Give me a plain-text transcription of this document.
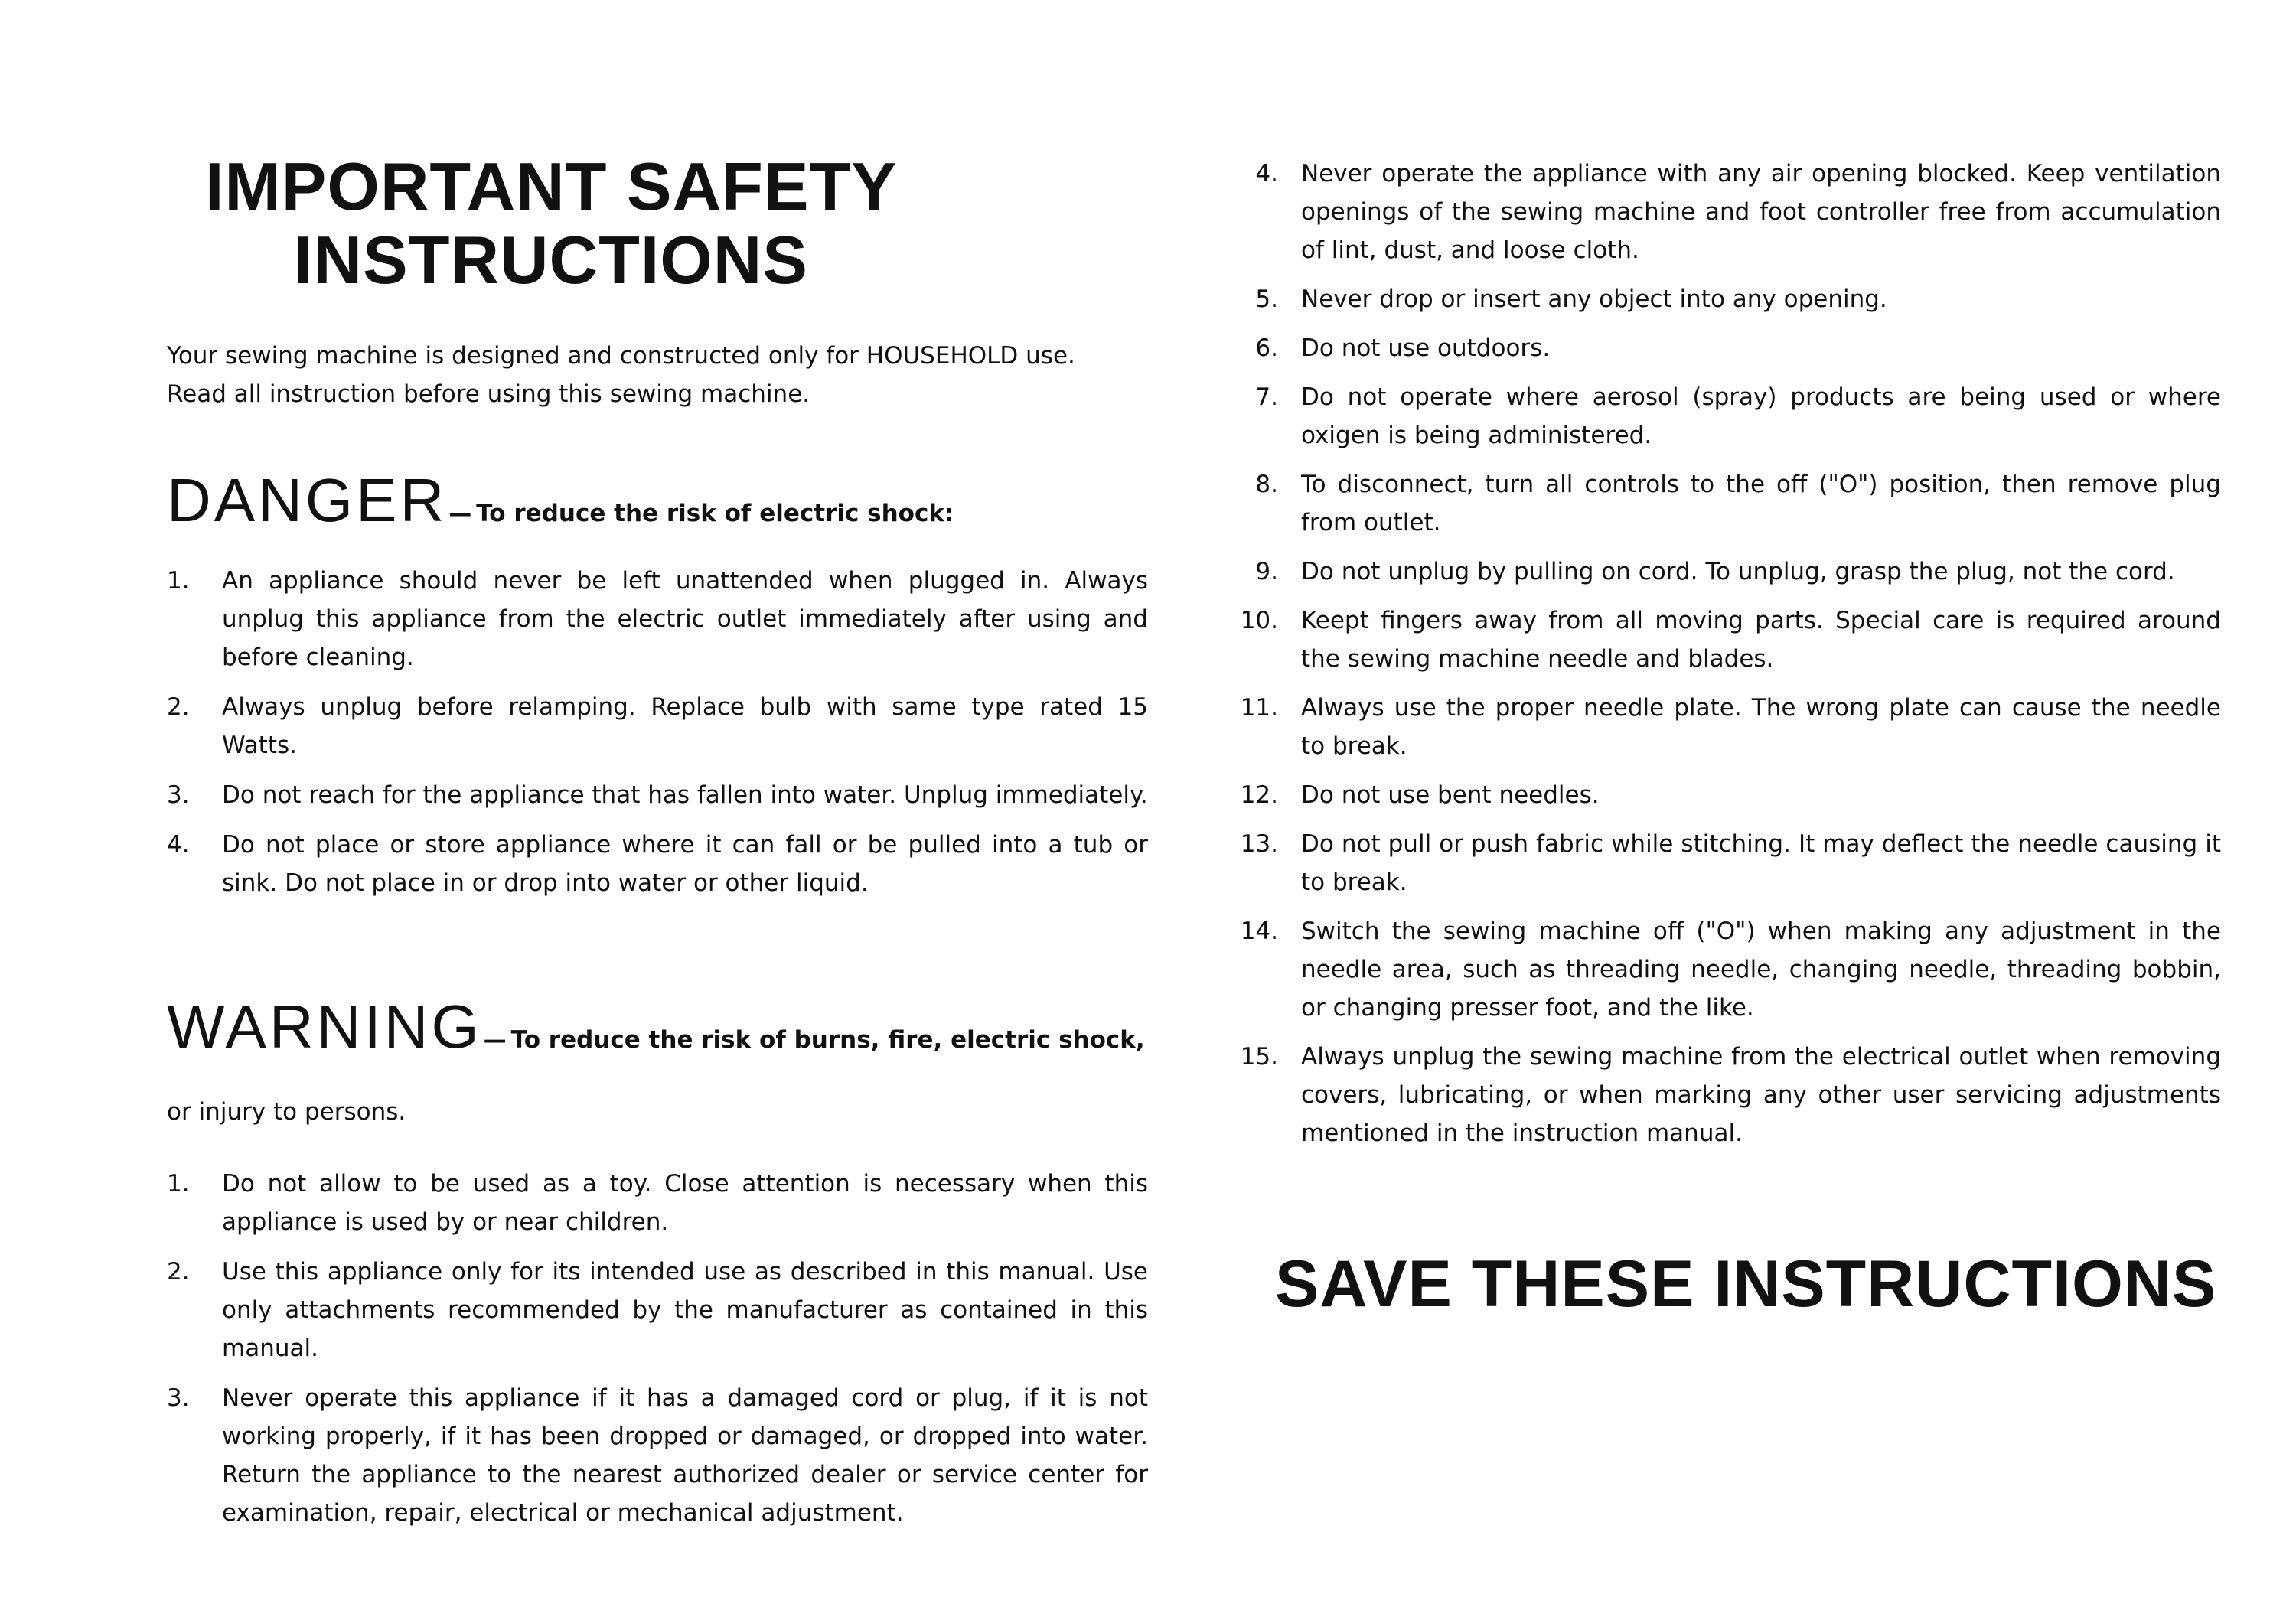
IMPORTANT SAFETY
INSTRUCTIONS

Your sewing machine is designed and constructed only for HOUSEHOLD use.
Read all instruction before using this sewing machine.

DANGER— To reduce the risk of electric shock:
1.	An appliance should never be left unattended when plugged in. Always unplug this appliance from the electric outlet immediately after using and before cleaning.
2.	Always unplug before relamping. Replace bulb with same type rated 15 Watts.
3.	Do not reach for the appliance that has fallen into water. Unplug immediately.
4.	Do not place or store appliance where it can fall or be pulled into a tub or sink. Do not place in or drop into water or other liquid.
WARNING— To reduce the risk of burns, fire, electric shock,

or injury to persons.

1.	Do not allow to be used as a toy. Close attention is necessary when this appliance is used by or near children.
2.	Use this appliance only for its intended use as described in this manual. Use only attachments recommended by the manufacturer as contained in this manual.
3.	Never operate this appliance if it has a damaged cord or plug, if it is not working properly, if it has been dropped or damaged, or dropped into water. Return the appliance to the nearest authorized dealer or service center for examination, repair, electrical or mechanical adjustment.
4. Never operate the appliance with any air opening blocked. Keep ventilation openings of the sewing machine and foot controller free from accumulation of lint, dust, and loose cloth.
5. Never drop or insert any object into any opening.
6. Do not use outdoors.
7. Do not operate where aerosol (spray) products are being used or where oxigen is being administered.
8. To disconnect, turn all controls to the off ("O") position, then remove plug from outlet.
9. Do not unplug by pulling on cord. To unplug, grasp the plug, not the cord.
10. Keept fingers away from all moving parts. Special care is required around the sewing machine needle and blades.
11. Always use the proper needle plate. The wrong plate can cause the needle to break.
12. Do not use bent needles.
13. Do not pull or push fabric while stitching. It may deflect the needle causing it to break.
14. Switch the sewing machine off ("O") when making any adjustment in the needle area, such as threading needle, changing needle, threading bobbin, or changing presser foot, and the like.
15. Always unplug the sewing machine from the electrical outlet when removing covers, lubricating, or when marking any other user servicing adjustments mentioned in the instruction manual.
SAVE THESE INSTRUCTIONS
